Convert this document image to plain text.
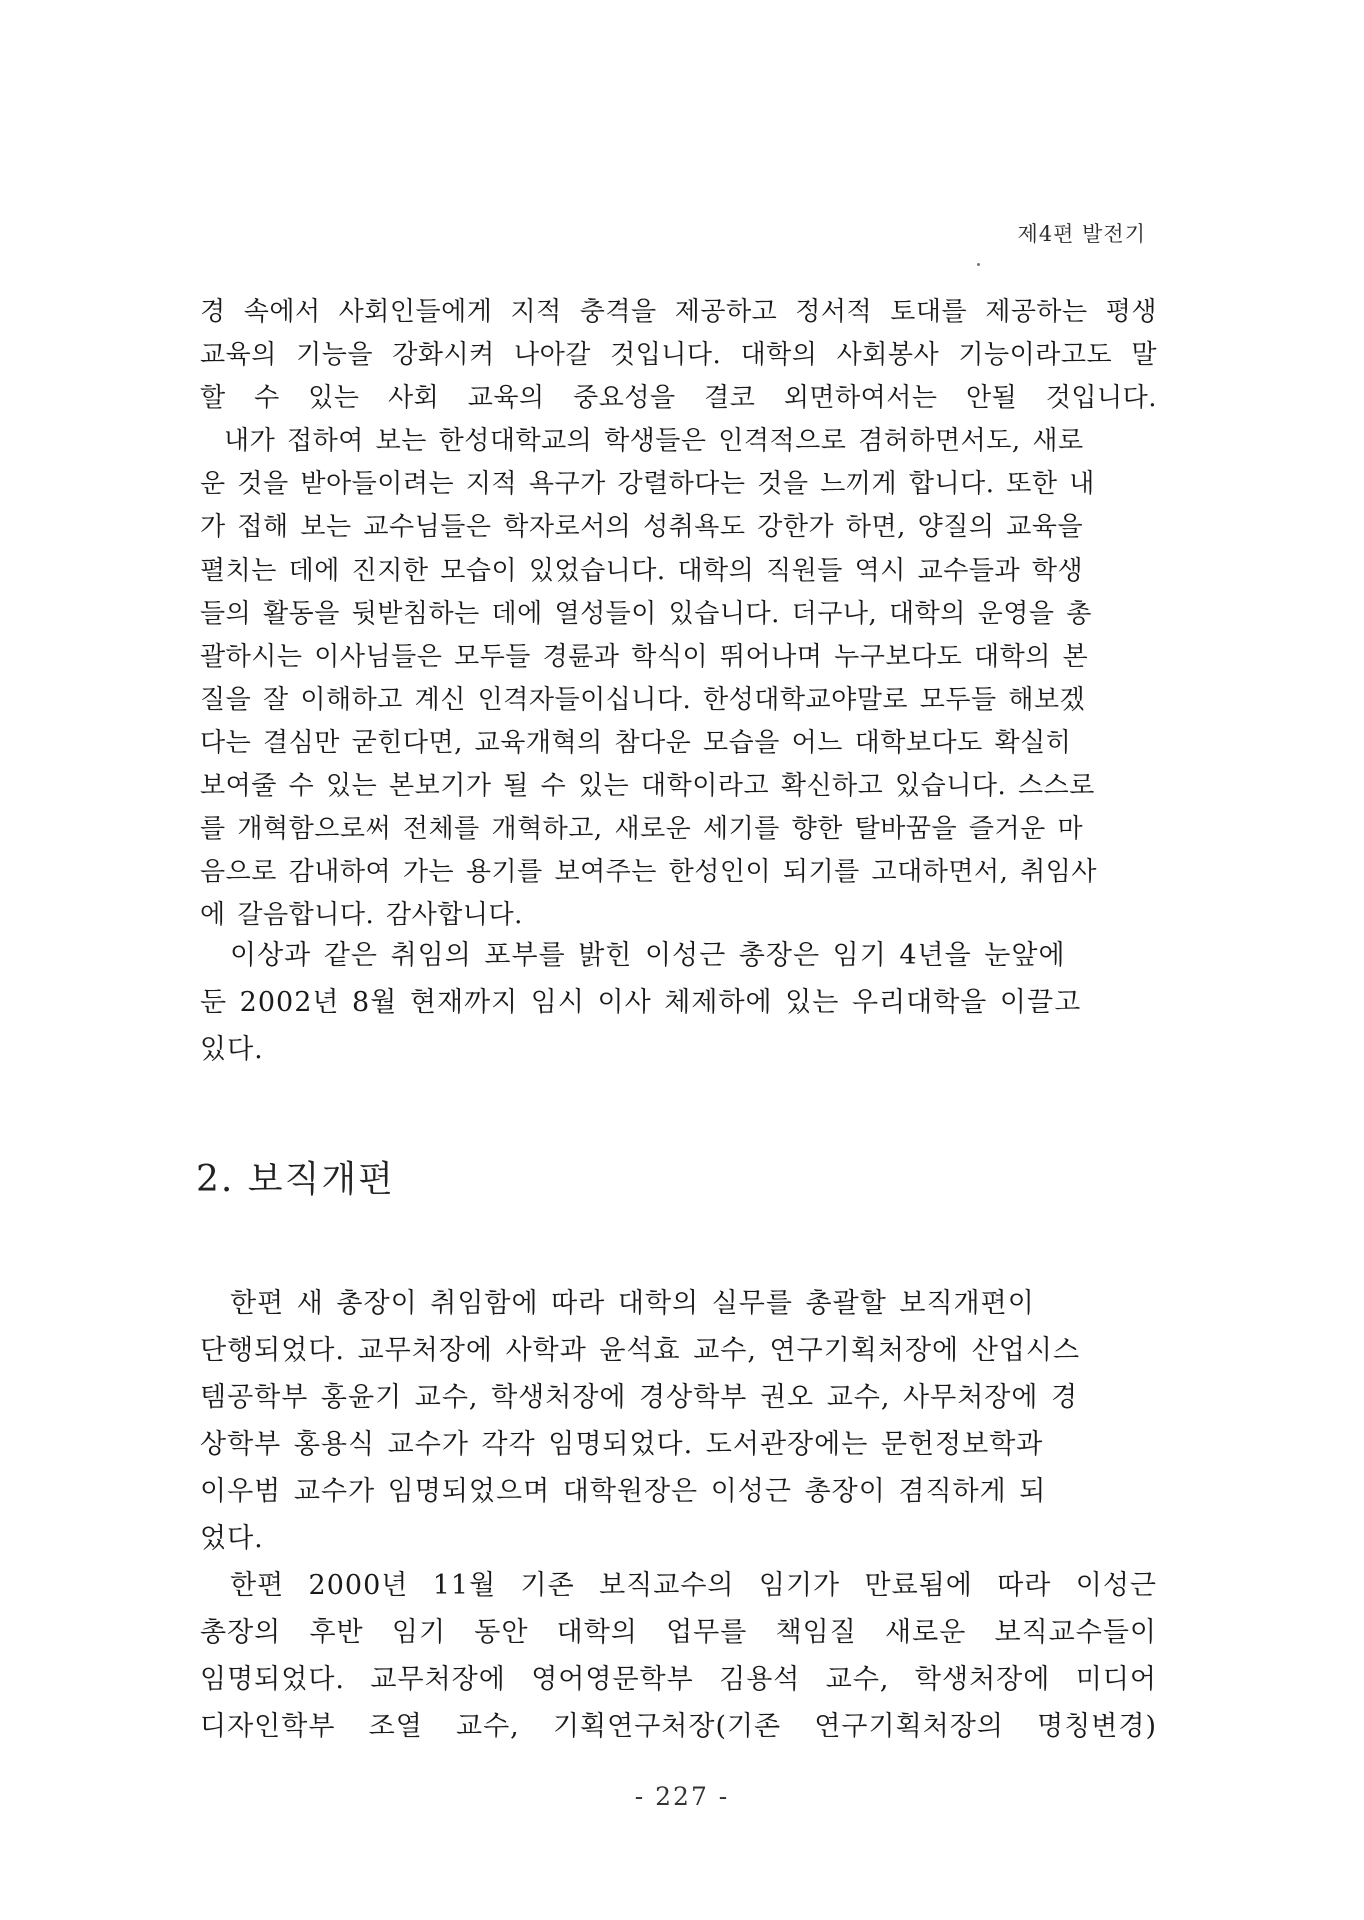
제4편 발전기

경 속에서 사회인들에게 지적 충격을 제공하고 정서적 토대를 제공하는 평생
교육의 기능을 강화시켜 나아갈 것입니다. 대학의 사회봉사 기능이라고도 말
할 수 있는 사회 교육의 중요성을 결코 외면하여서는 안될 것입니다.

내가 접하여 보는 한성대학교의 학생들은 인격적으로 겸허하면서도, 새로
운 것을 받아들이려는 지적 욕구가 강렬하다는 것을 느끼게 합니다. 또한 내
가 접해 보는 교수님들은 학자로서의 성취욕도 강한가 하면, 양질의 교육을
펼치는 데에 진지한 모습이 있었습니다. 대학의 직원들 역시 교수들과 학생
들의 활동을 뒷받침하는 데에 열성들이 있습니다. 더구나, 대학의 운영을 총
괄하시는 이사님들은 모두들 경륜과 학식이 뛰어나며 누구보다도 대학의 본
질을 잘 이해하고 계신 인격자들이십니다. 한성대학교야말로 모두들 해보겠
다는 결심만 굳힌다면, 교육개혁의 참다운 모습을 어느 대학보다도 확실히
보여줄 수 있는 본보기가 될 수 있는 대학이라고 확신하고 있습니다. 스스로
를 개혁함으로써 전체를 개혁하고, 새로운 세기를 향한 탈바꿈을 즐거운 마
음으로 감내하여 가는 용기를 보여주는 한성인이 되기를 고대하면서, 취임사
에 갈음합니다. 감사합니다.

이상과 같은 취임의 포부를 밝힌 이성근 총장은 임기 4년을 눈앞에
둔 2002년 8월 현재까지 임시 이사 체제하에 있는 우리대학을 이끌고
있다.

2. 보직개편

한편 새 총장이 취임함에 따라 대학의 실무를 총괄할 보직개편이
단행되었다. 교무처장에 사학과 윤석효 교수, 연구기획처장에 산업시스
템공학부 홍윤기 교수, 학생처장에 경상학부 권오 교수, 사무처장에 경
상학부 홍용식 교수가 각각 임명되었다. 도서관장에는 문헌정보학과
이우범 교수가 임명되었으며 대학원장은 이성근 총장이 겸직하게 되
었다.

한편 2000년 11월 기존 보직교수의 임기가 만료됨에 따라 이성근
총장의 후반 임기 동안 대학의 업무를 책임질 새로운 보직교수들이
임명되었다. 교무처장에 영어영문학부 김용석 교수, 학생처장에 미디어
디자인학부 조열 교수, 기획연구처장(기존 연구기획처장의 명칭변경)

- 227 -
